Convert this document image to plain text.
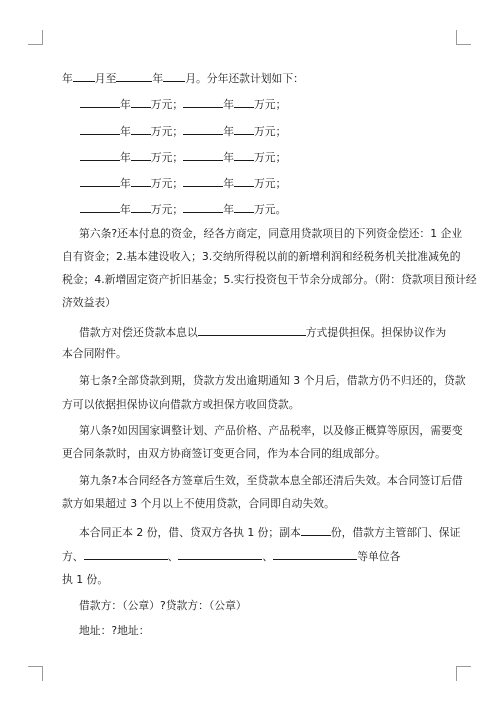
年 月至	年 月。分年还款计划如下：
年 万元；	年 万元；
年 万元；	年 万元；
年 万元；	年 万元；
年 万元；	年 万元；
年 万元；	年 万元。
第六条?还本付息的资金，经各方商定，同意用贷款项目的下列资金偿还：1 企业
自有资金；2.基本建设收入；3.交纳所得税以前的新增利润和经税务机关批准减免的
税金；4.新增固定资产折旧基金；5.实行投资包干节余分成部分。（附：贷款项目预计经
济效益表）
借款方对偿还贷款本息以	方式提供担保。担保协议作为
本合同附件。
第七条?全部贷款到期，贷款方发出逾期通知 3 个月后，借款方仍不归还的，贷款
方可以依据担保协议向借款方或担保方收回贷款。
第八条?如因国家调整计划、产品价格、产品税率，以及修正概算等原因，需要变
更合同条款时，由双方协商签订变更合同，作为本合同的组成部分。
第九条?本合同经各方签章后生效，至贷款本息全部还清后失效。本合同签订后借
款方如果超过 3 个月以上不使用贷款，合同即自动失效。
本合同正本 2 份，借、贷双方各执 1 份；副本	份，借款方主管部门、保证
方、	、	、	等单位各
执 1 份。
借款方：（公章）?贷款方：（公章）
地址：?地址：
